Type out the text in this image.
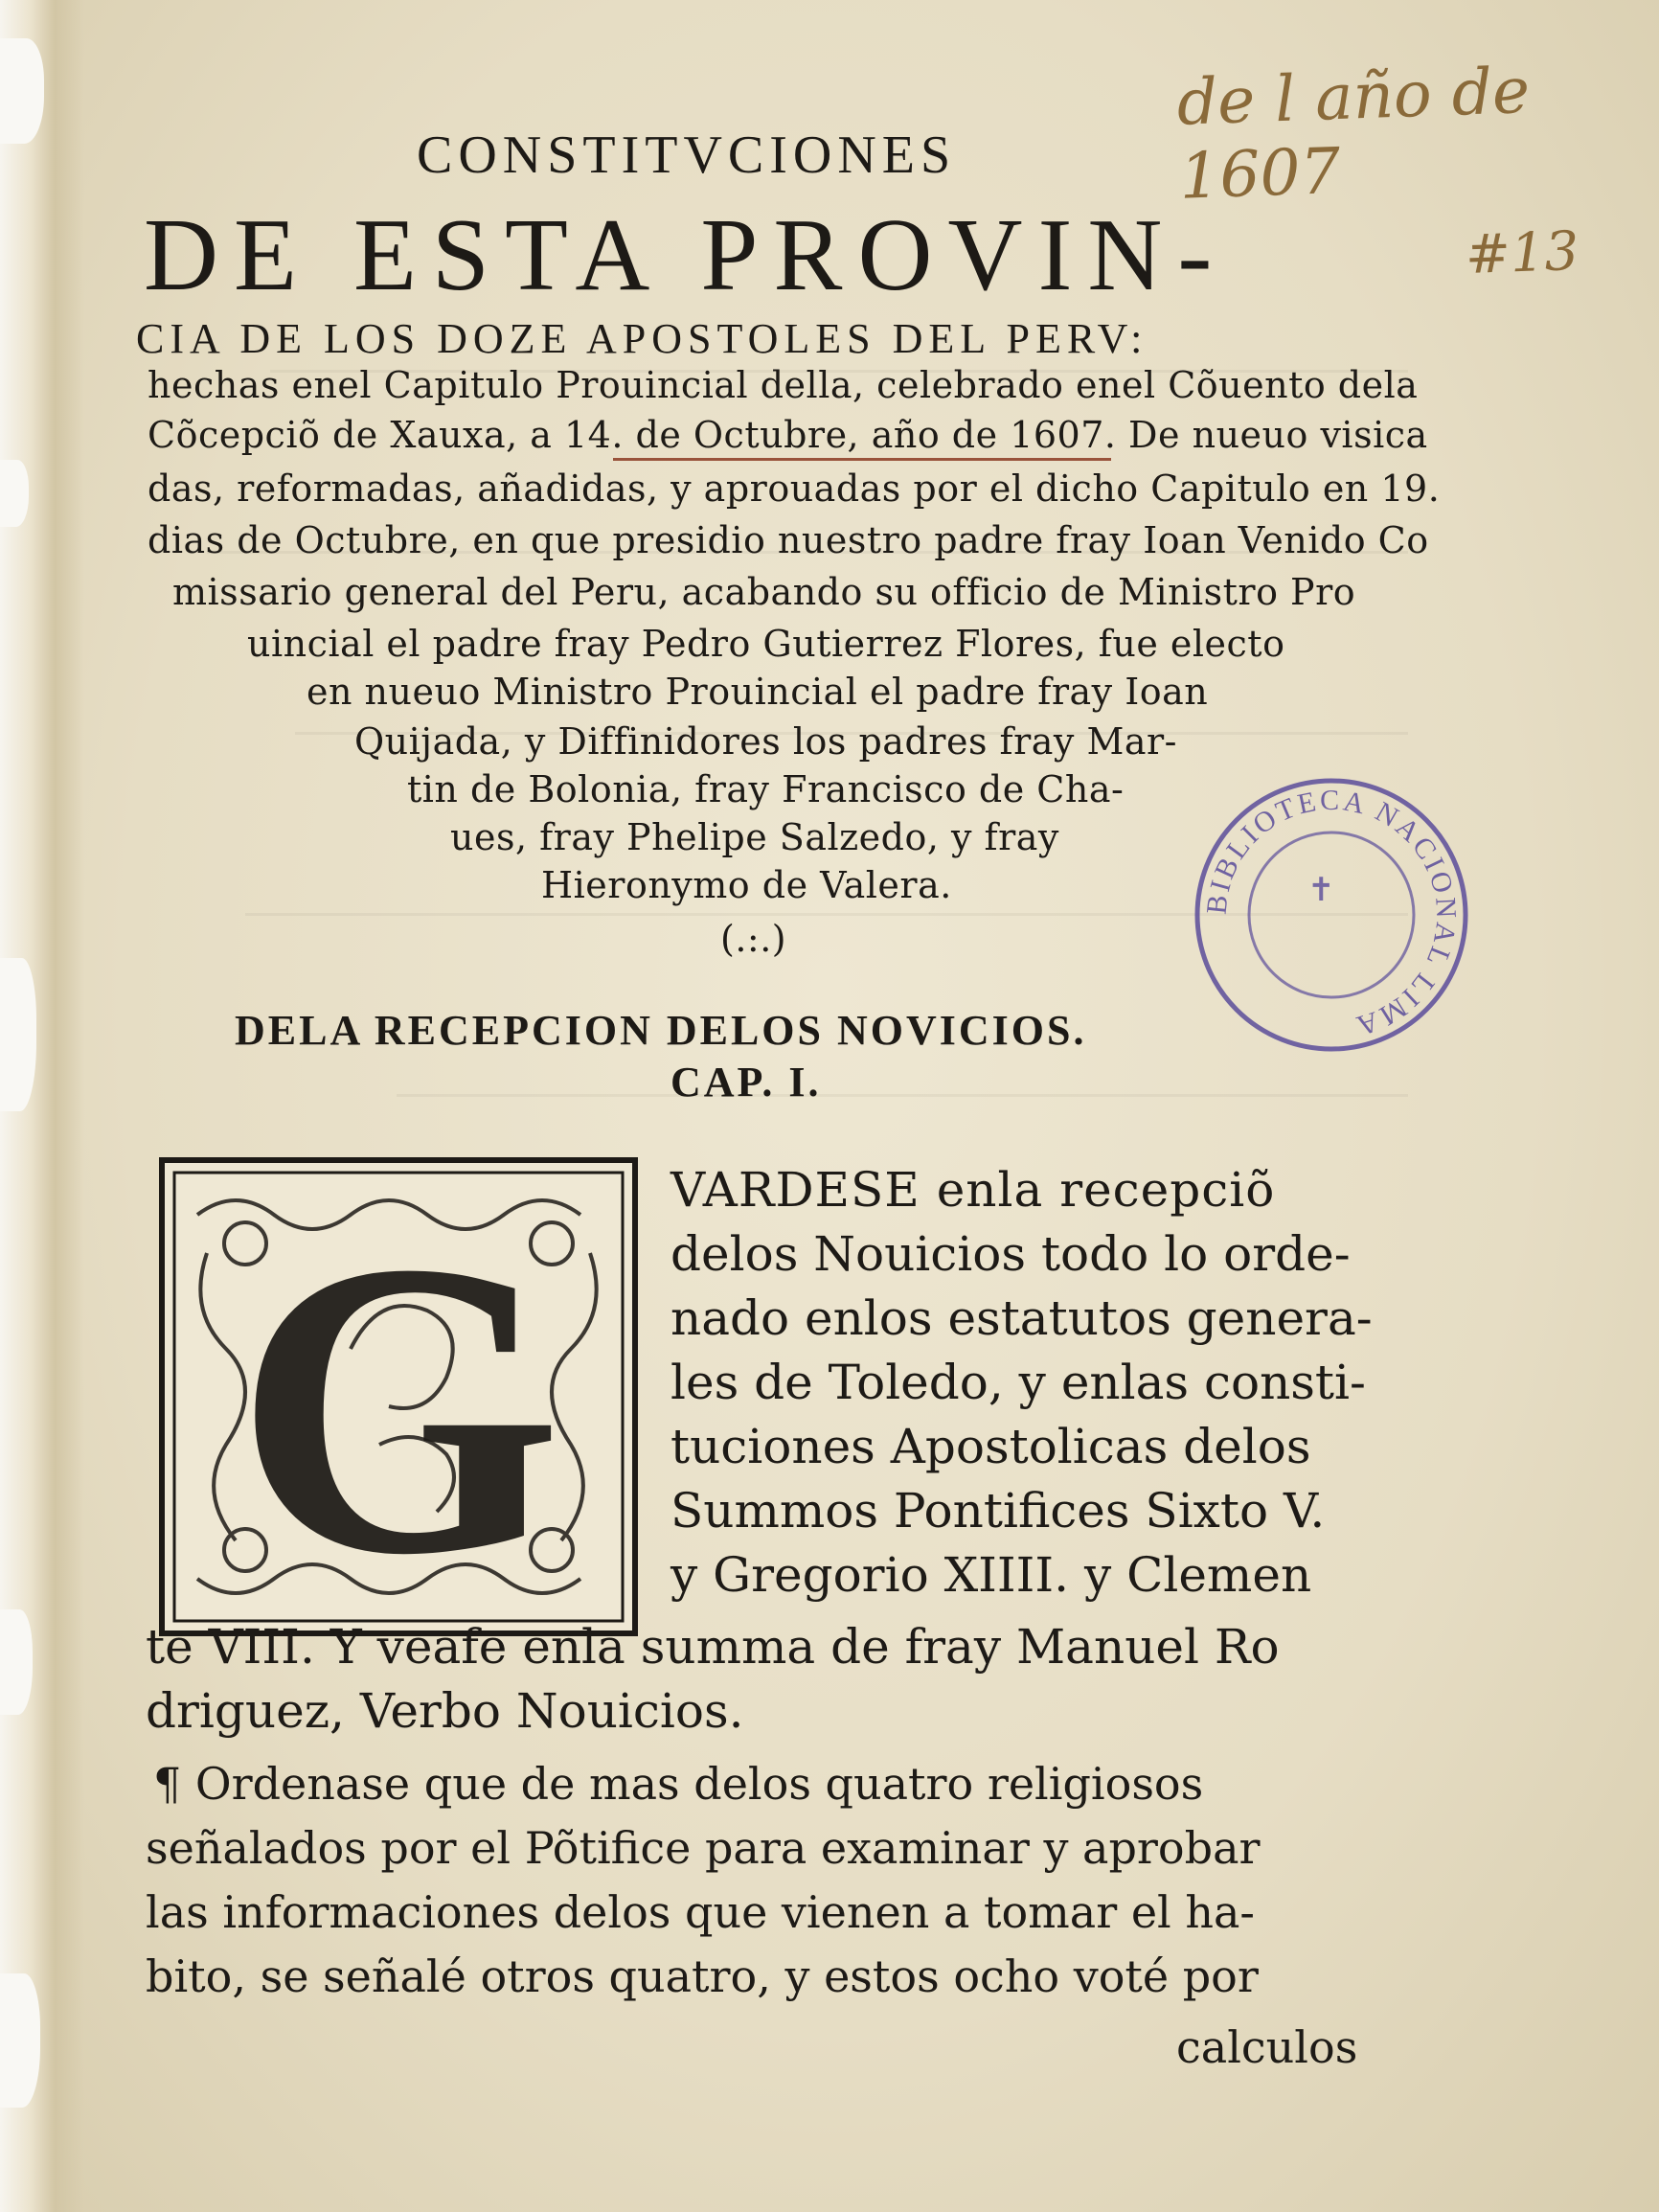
de l año de 1607
#13
CONSTITVCIONES
DE ESTA PROVIN-
CIA DE LOS DOZE APOSTOLES DEL PERV:
hechas enel Capitulo Prouincial della, celebrado enel Cõuento dela
Cõcepciõ de Xauxa, a 14. de Octubre, año de 1607. De nueuo visica
das, reformadas, añadidas, y aprouadas por el dicho Capitulo en 19.
dias de Octubre, en que presidio nuestro padre fray Ioan Venido Co
missario general del Peru, acabando su officio de Ministro Pro
uincial el padre fray Pedro Gutierrez Flores, fue electo
en nueuo Ministro Prouincial el padre fray Ioan
Quijada, y Diffinidores los padres fray Mar-
tin de Bolonia, fray Francisco de Cha-
ues, fray Phelipe Salzedo, y fray
Hieronymo de Valera.
(.:.)
DELA RECEPCION DELOS NOVICIOS.
CAP. I.
BIBLIOTECA NACIONAL LIMA
✝
G VARDESE enla recepciõ
delos Nouicios todo lo orde-
nado enlos estatutos genera-
les de Toledo, y enlas consti-
tuciones Apostolicas delos
Summos Pontifices Sixto V.
y Gregorio XIIII. y Clemen
te VIII. Y veafe enla summa de fray Manuel Ro
driguez, Verbo Nouicios.
¶ Ordenase que de mas delos quatro religiosos
señalados por el Põtifice para examinar y aprobar
las informaciones delos que vienen a tomar el ha-
bito, se señalé otros quatro, y estos ocho voté por
calculos
